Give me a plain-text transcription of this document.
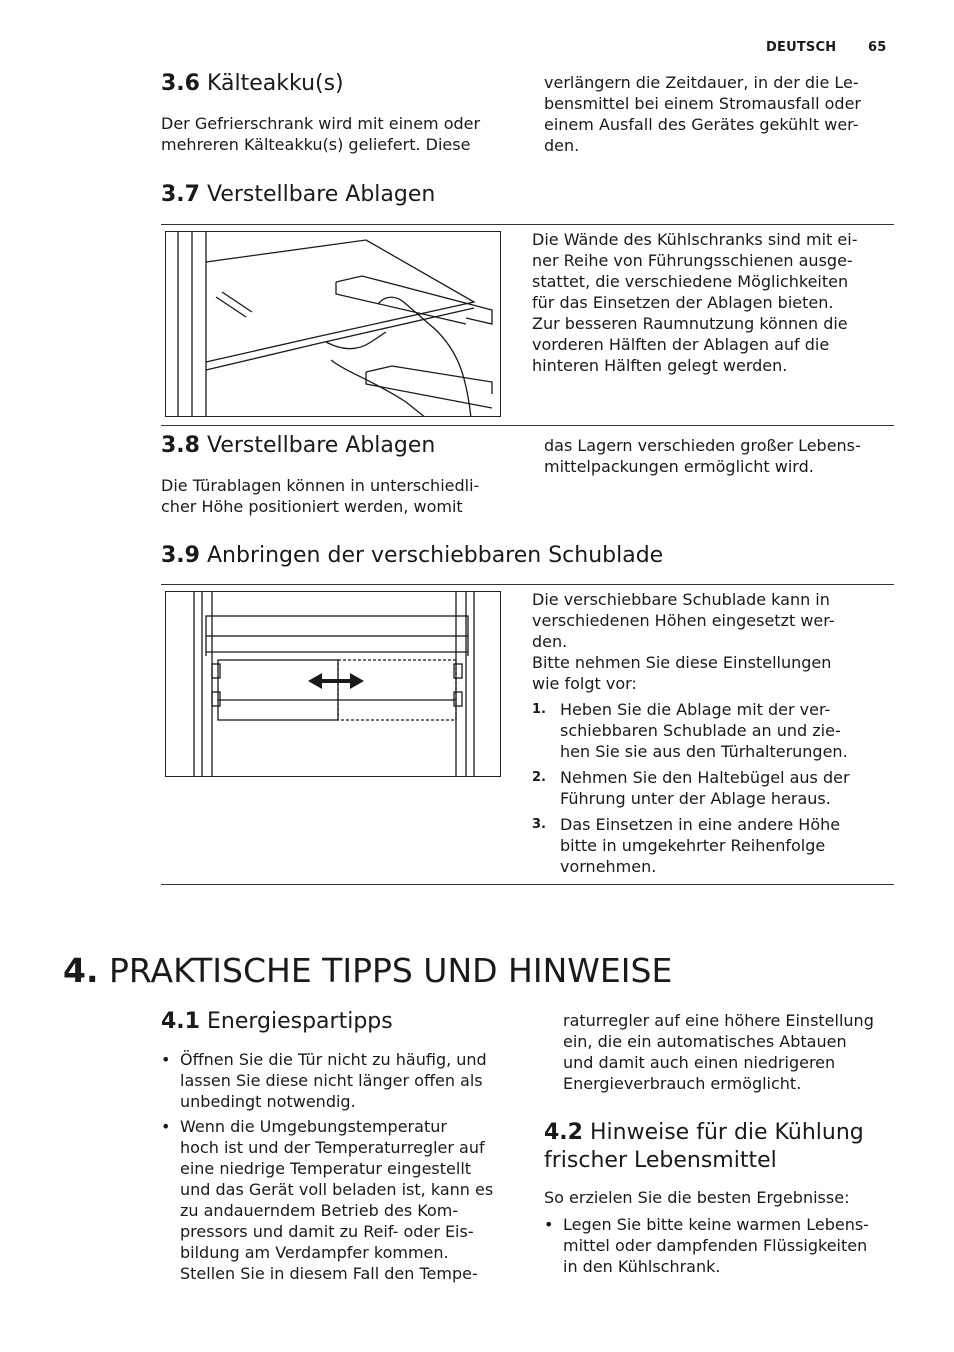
DEUTSCH 65
3.6 Kälteakku(s)
Der Gefrierschrank wird mit einem oder
mehreren Kälteakku(s) geliefert. Diese
verlängern die Zeitdauer, in der die Le-
bensmittel bei einem Stromausfall oder
einem Ausfall des Gerätes gekühlt wer-
den.
3.7 Verstellbare Ablagen
Die Wände des Kühlschranks sind mit ei-
ner Reihe von Führungsschienen ausge-
stattet, die verschiedene Möglichkeiten
für das Einsetzen der Ablagen bieten.
Zur besseren Raumnutzung können die
vorderen Hälften der Ablagen auf die
hinteren Hälften gelegt werden.
3.8 Verstellbare Ablagen
Die Türablagen können in unterschiedli-
cher Höhe positioniert werden, womit
das Lagern verschieden großer Lebens-
mittelpackungen ermöglicht wird.
3.9 Anbringen der verschiebbaren Schublade
Die verschiebbare Schublade kann in
verschiedenen Höhen eingesetzt wer-
den.
Bitte nehmen Sie diese Einstellungen
wie folgt vor:
1. Heben Sie die Ablage mit der ver-
schiebbaren Schublade an und zie-
hen Sie sie aus den Türhalterungen.
2. Nehmen Sie den Haltebügel aus der
Führung unter der Ablage heraus.
3. Das Einsetzen in eine andere Höhe
bitte in umgekehrter Reihenfolge
vornehmen.
4. PRAKTISCHE TIPPS UND HINWEISE
4.1 Energiespartipps
• Öffnen Sie die Tür nicht zu häufig, und
lassen Sie diese nicht länger offen als
unbedingt notwendig.
• Wenn die Umgebungstemperatur
hoch ist und der Temperaturregler auf
eine niedrige Temperatur eingestellt
und das Gerät voll beladen ist, kann es
zu andauerndem Betrieb des Kom-
pressors und damit zu Reif- oder Eis-
bildung am Verdampfer kommen.
Stellen Sie in diesem Fall den Tempe-
raturregler auf eine höhere Einstellung
ein, die ein automatisches Abtauen
und damit auch einen niedrigeren
Energieverbrauch ermöglicht.
4.2 Hinweise für die Kühlung
frischer Lebensmittel
So erzielen Sie die besten Ergebnisse:
• Legen Sie bitte keine warmen Lebens-
mittel oder dampfenden Flüssigkeiten
in den Kühlschrank.
